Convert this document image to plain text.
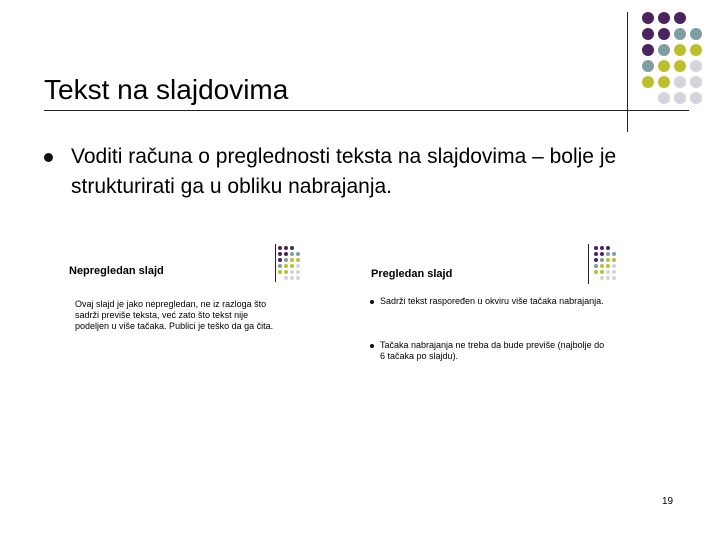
Tekst na slajdovima
Voditi računa o preglednosti teksta na slajdovima – bolje je strukturirati ga u obliku nabrajanja.
Nepregledan slajd
Ovaj slajd je jako nepregledan, ne iz razloga što sadrži previše teksta, već zato što tekst nije podeljen u više tačaka. Publici je teško da ga čita.
Pregledan slajd
Sadrži tekst raspoređen u okviru više tačaka nabrajanja.
Tačaka nabrajanja ne treba da bude previše (najbolje do 6 tačaka po slajdu).
19
